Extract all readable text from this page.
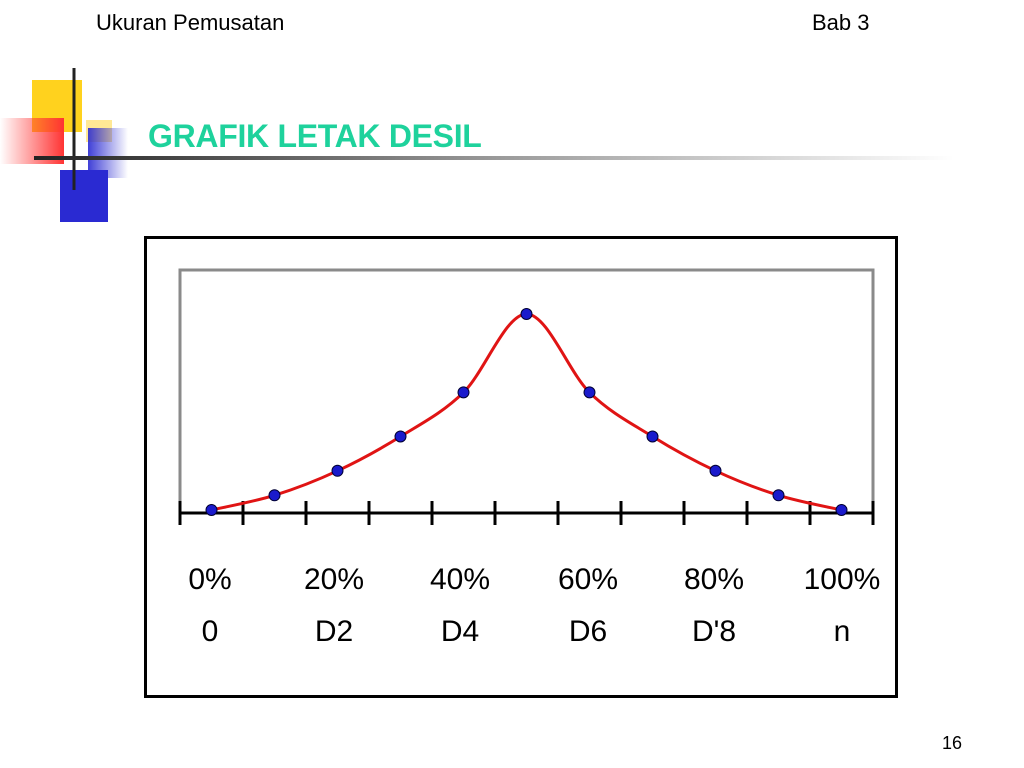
Ukuran Pemusatan	Bab 3
GRAFIK LETAK DESIL
0% 20% 40% 60% 80% 100%
0	D2	D4	D6	D'8	n
16
